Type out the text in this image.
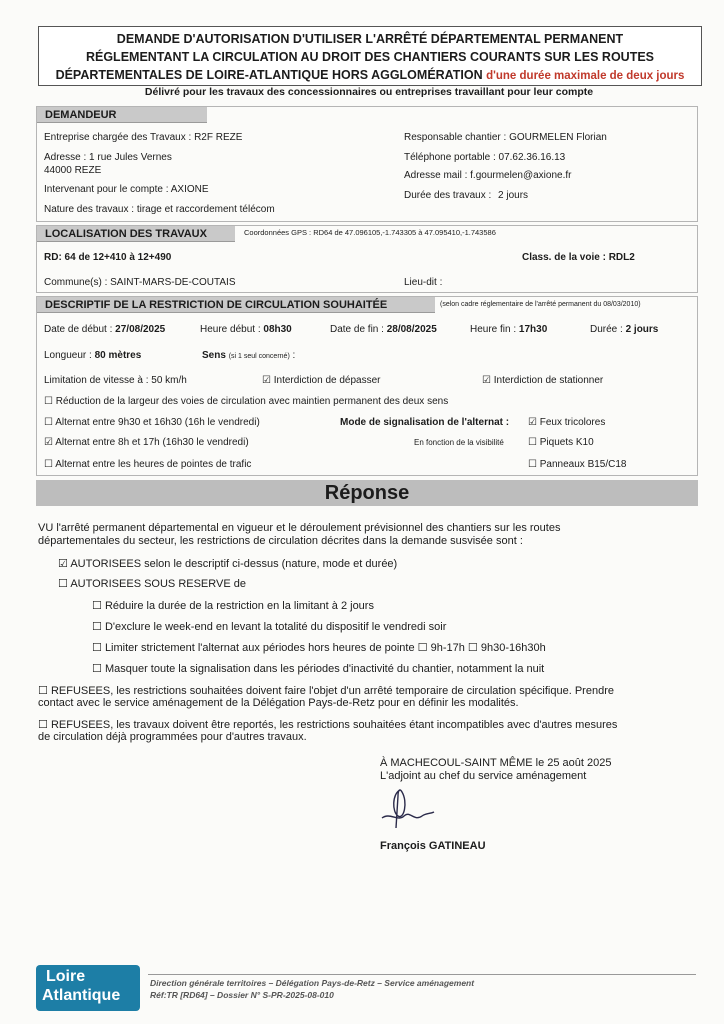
DEMANDE D'AUTORISATION D'UTILISER L'ARRÊTÉ DÉPARTEMENTAL PERMANENT
RÉGLEMENTANT LA CIRCULATION AU DROIT DES CHANTIERS COURANTS SUR LES ROUTES
DÉPARTEMENTALES DE LOIRE-ATLANTIQUE HORS AGGLOMÉRATION d'une durée maximale de deux jours
Délivré pour les travaux des concessionnaires ou entreprises travaillant pour leur compte
DEMANDEUR
Entreprise chargée des Travaux : R2F REZE
Adresse : 1 rue Jules Vernes
44000 REZE
Intervenant pour le compte : AXIONE
Nature des travaux : tirage et raccordement télécom
Responsable chantier : GOURMELEN Florian
Téléphone portable : 07.62.36.16.13
Adresse mail : f.gourmelen@axione.fr
Durée des travaux : 2 jours
LOCALISATION DES TRAVAUX	Coordonnées GPS : RD64 de 47.096105,-1.743305 à 47.095410,-1.743586
RD: 64 de 12+410 à 12+490	Class. de la voie : RDL2
Commune(s) : SAINT-MARS-DE-COUTAIS	Lieu-dit :
DESCRIPTIF DE LA RESTRICTION DE CIRCULATION SOUHAITÉE	(selon cadre réglementaire de l'arrêté permanent du 08/03/2010)
Date de début : 27/08/2025	Heure début : 08h30	Date de fin : 28/08/2025	Heure fin : 17h30	Durée : 2 jours
Longueur : 80 mètres	Sens (si 1 seul concerné) :
Limitation de vitesse à : 50 km/h	☑ Interdiction de dépasser	☑ Interdiction de stationner
☐ Réduction de la largeur des voies de circulation avec maintien permanent des deux sens
☐ Alternat entre 9h30 et 16h30 (16h le vendredi)	Mode de signalisation de l'alternat : ☑ Feux tricolores
☑ Alternat entre 8h et 17h (16h30 le vendredi)	En fonction de la visibilité ☐ Piquets K10
☐ Alternat entre les heures de pointes de trafic	☐ Panneaux B15/C18
Réponse
VU l'arrêté permanent départemental en vigueur et le déroulement prévisionnel des chantiers sur les routes
départementales du secteur, les restrictions de circulation décrites dans la demande susvisée sont :
☑ AUTORISEES selon le descriptif ci-dessus (nature, mode et durée)
☐ AUTORISEES SOUS RESERVE de
☐ Réduire la durée de la restriction en la limitant à 2 jours
☐ D'exclure le week-end en levant la totalité du dispositif le vendredi soir
☐ Limiter strictement l'alternat aux périodes hors heures de pointe ☐ 9h-17h ☐ 9h30-16h30h
☐ Masquer toute la signalisation dans les périodes d'inactivité du chantier, notamment la nuit
☐ REFUSEES, les restrictions souhaitées doivent faire l'objet d'un arrêté temporaire de circulation spécifique. Prendre
contact avec le service aménagement de la Délégation Pays-de-Retz pour en définir les modalités.
☐ REFUSEES, les travaux doivent être reportés, les restrictions souhaitées étant incompatibles avec d'autres mesures
de circulation déjà programmées pour d'autres travaux.
À MACHECOUL-SAINT MÊME le 25 août 2025
L'adjoint au chef du service aménagement
François GATINEAU
Loire
Atlantique
Direction générale territoires – Délégation Pays-de-Retz – Service aménagement
Réf:TR [RD64] – Dossier N° S-PR-2025-08-010
